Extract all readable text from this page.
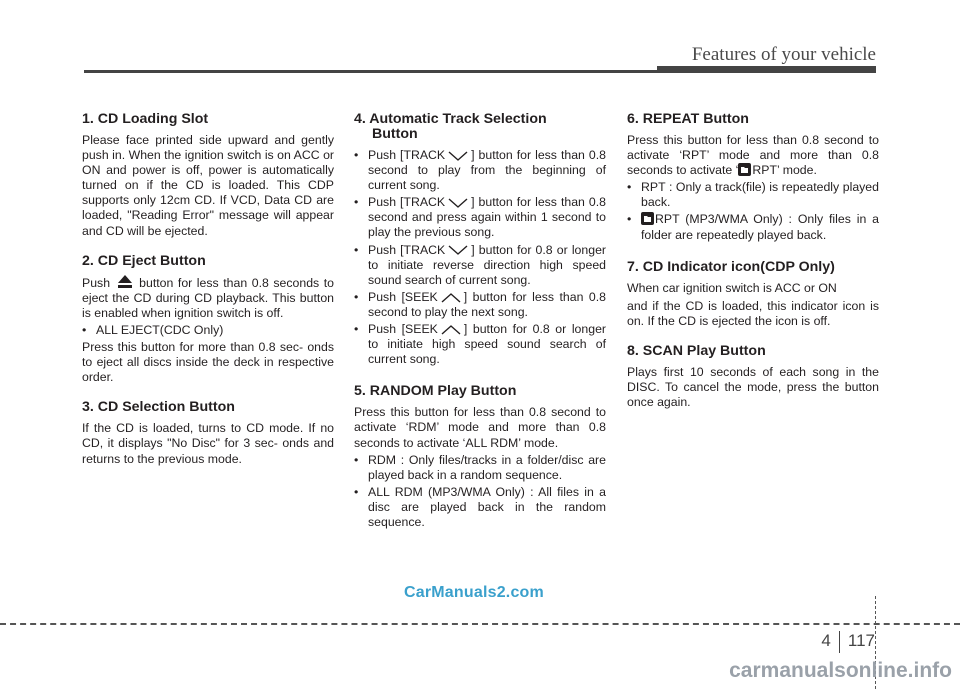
Features of your vehicle
1. CD Loading Slot

Please face printed side upward and gently push in. When the ignition switch is on ACC or ON and power is off, power is automatically turned on if the CD is loaded. This CDP supports only 12cm CD. If VCD, Data CD are loaded, "Reading Error" message will appear and CD will be ejected.

2. CD Eject Button

Push button for less than 0.8 seconds to eject the CD during CD playback. This button is enabled when ignition switch is off.

• ALL EJECT(CDC Only)

Press this button for more than 0.8 sec- onds to eject all discs inside the deck in respective order.

3. CD Selection Button

If the CD is loaded, turns to CD mode. If no CD, it displays "No Disc" for 3 sec- onds and returns to the previous mode.

4. Automatic Track Selection
Button
• Push [TRACK ] button for less than 0.8 second to play from the beginning of current song.
• Push [TRACK ] button for less than 0.8 second and press again within 1 second to play the previous song.
• Push [TRACK ] button for 0.8 or longer to initiate reverse direction high speed sound search of current song.
• Push [SEEK ] button for less than 0.8 second to play the next song.
• Push [SEEK ] button for 0.8 or longer to initiate high speed sound search of current song.
5. RANDOM Play Button

Press this button for less than 0.8 second to activate ‘RDM’ mode and more than 0.8 seconds to activate ‘ALL RDM’ mode.

• RDM : Only files/tracks in a folder/disc are played back in a random sequence.
• ALL RDM (MP3/WMA Only) : All files in a disc are played back in the random sequence.
6. REPEAT Button

Press this button for less than 0.8 second to activate ‘RPT’ mode and more than 0.8 seconds to activate ‘ RPT’ mode.

• RPT : Only a track(file) is repeatedly played back.
• RPT (MP3/WMA Only) : Only files in a folder are repeatedly played back.
7. CD Indicator icon(CDP Only)

When car ignition switch is ACC or ON

and if the CD is loaded, this indicator icon is on. If the CD is ejected the icon is off.

8. SCAN Play Button

Plays first 10 seconds of each song in the DISC. To cancel the mode, press the button once again.

CarManuals2.com
4	117
carmanualsonline.info
